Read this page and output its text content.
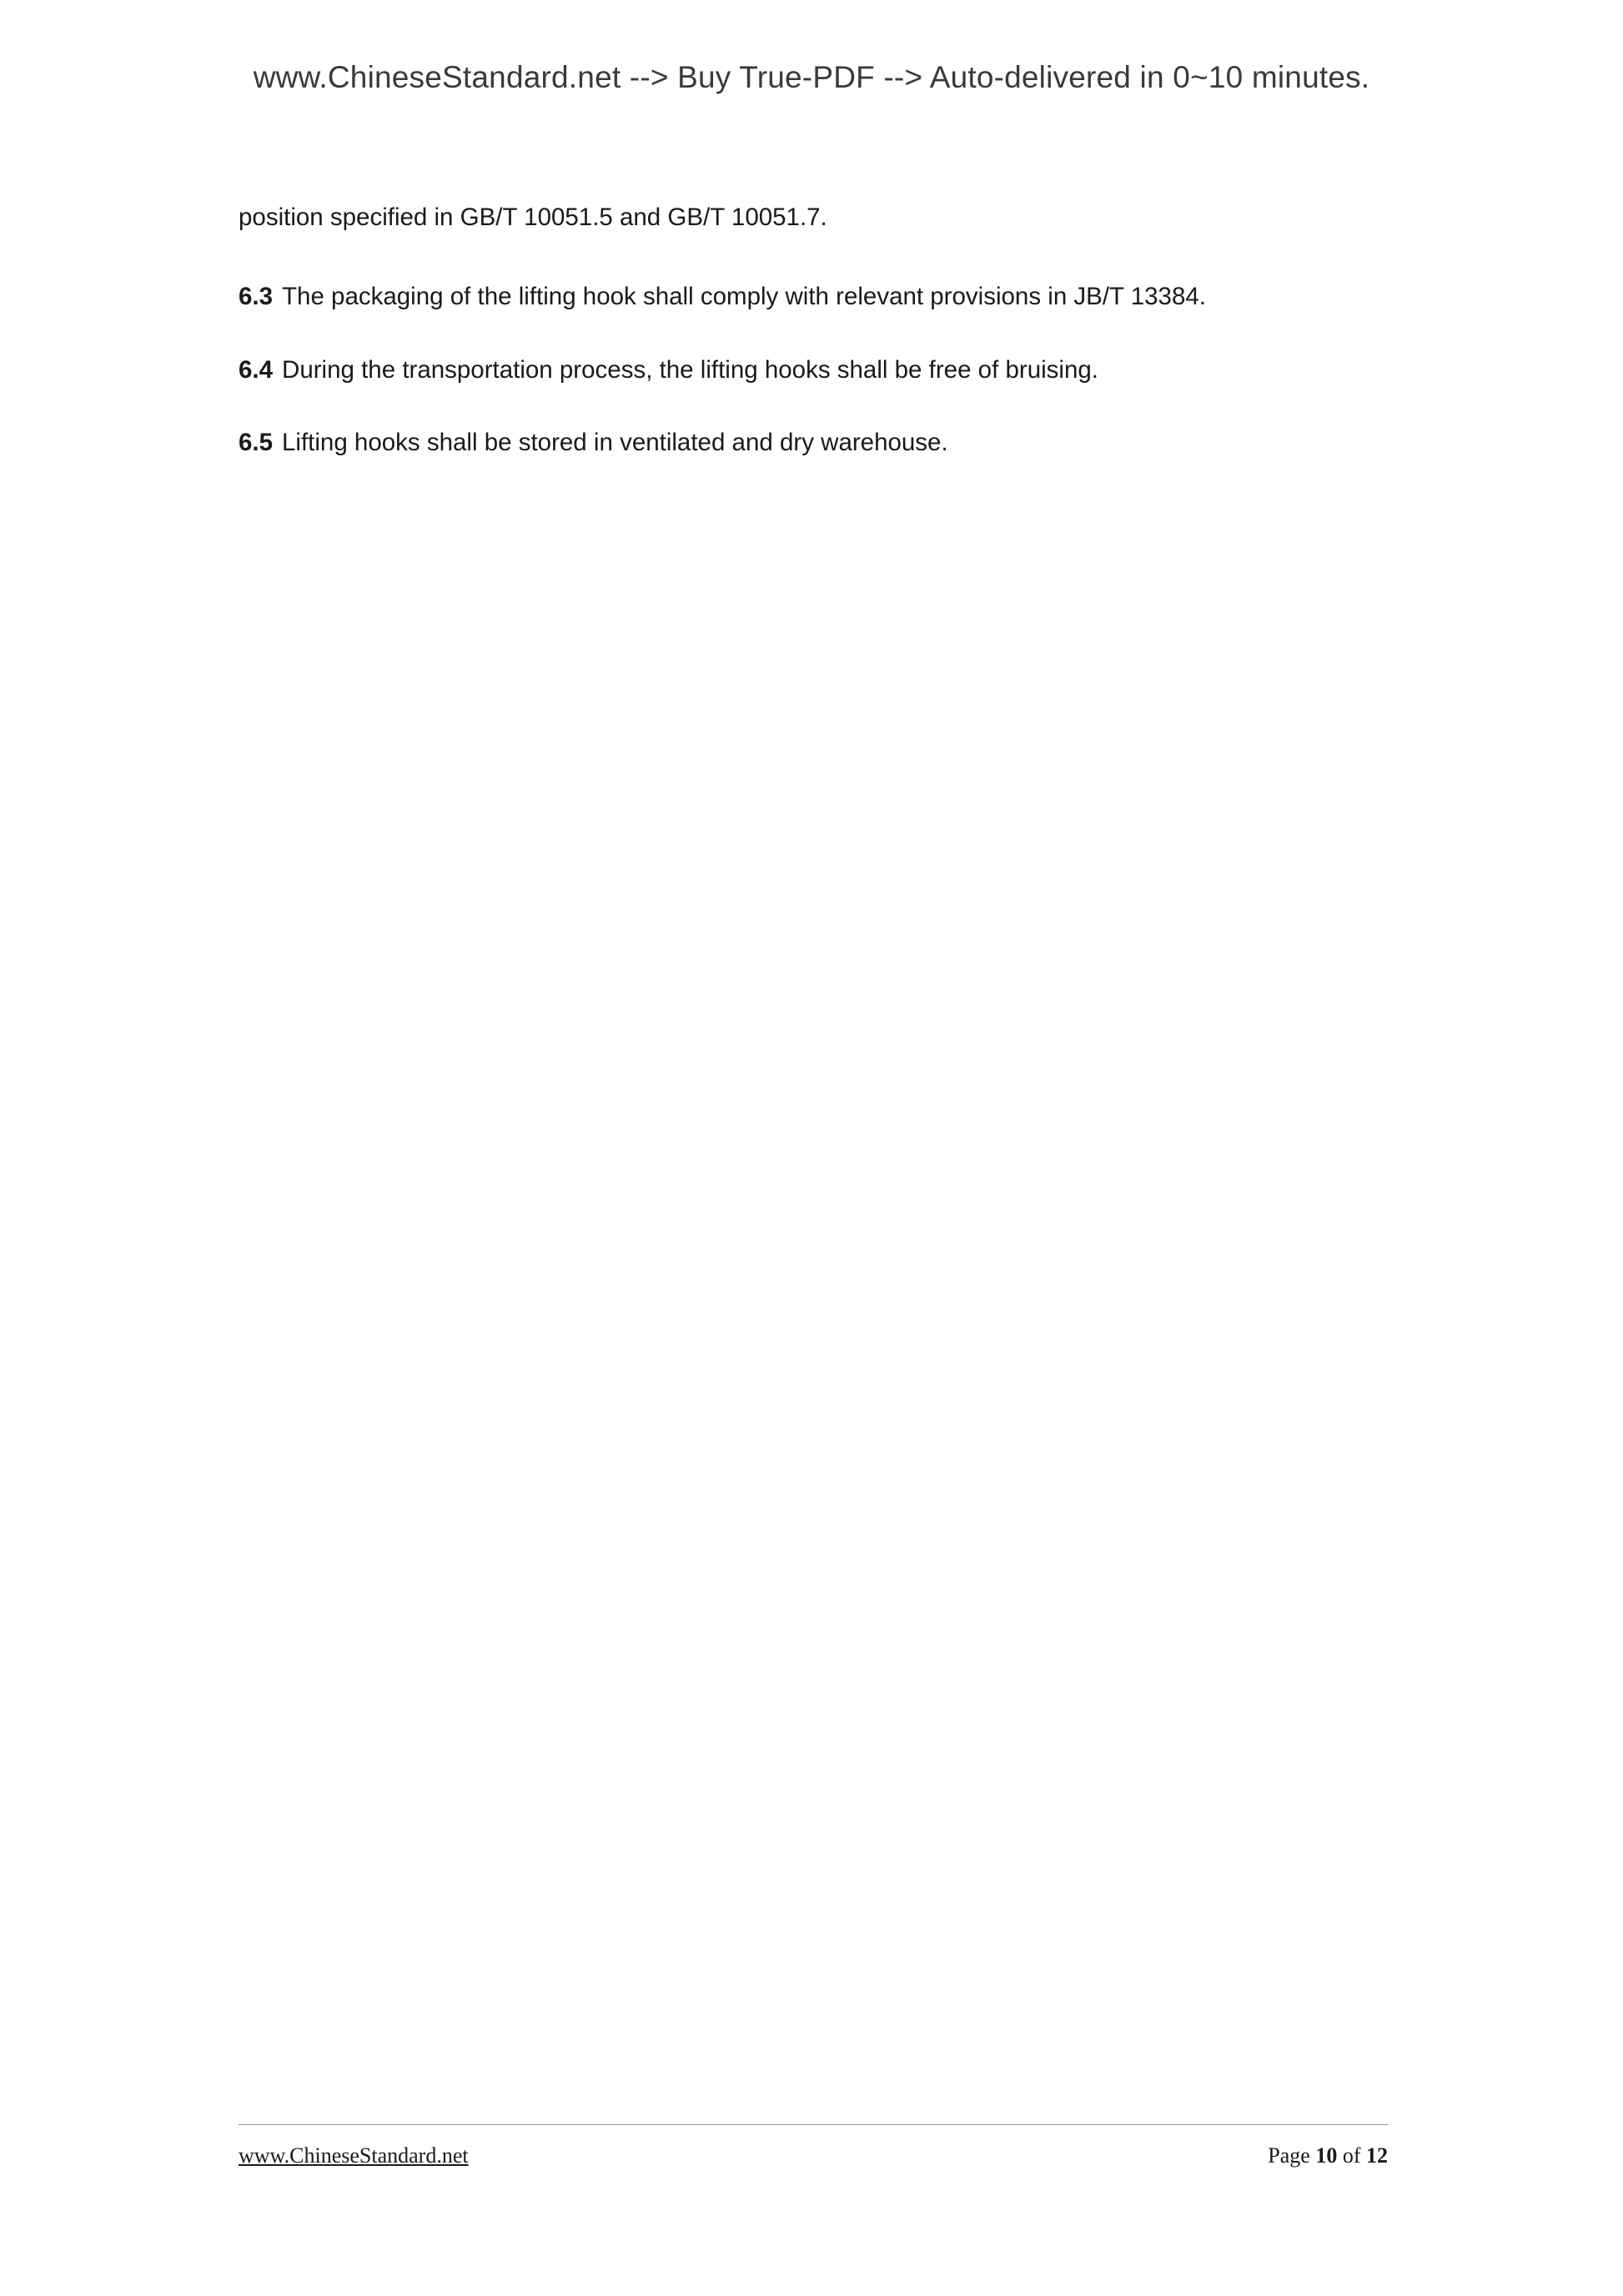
www.ChineseStandard.net --> Buy True-PDF --> Auto-delivered in 0~10 minutes.

position specified in GB/T 10051.5 and GB/T 10051.7.

6.3 The packaging of the lifting hook shall comply with relevant provisions in JB/T 13384.

6.4 During the transportation process, the lifting hooks shall be free of bruising.

6.5 Lifting hooks shall be stored in ventilated and dry warehouse.

www.ChineseStandard.net	Page 10 of 12
